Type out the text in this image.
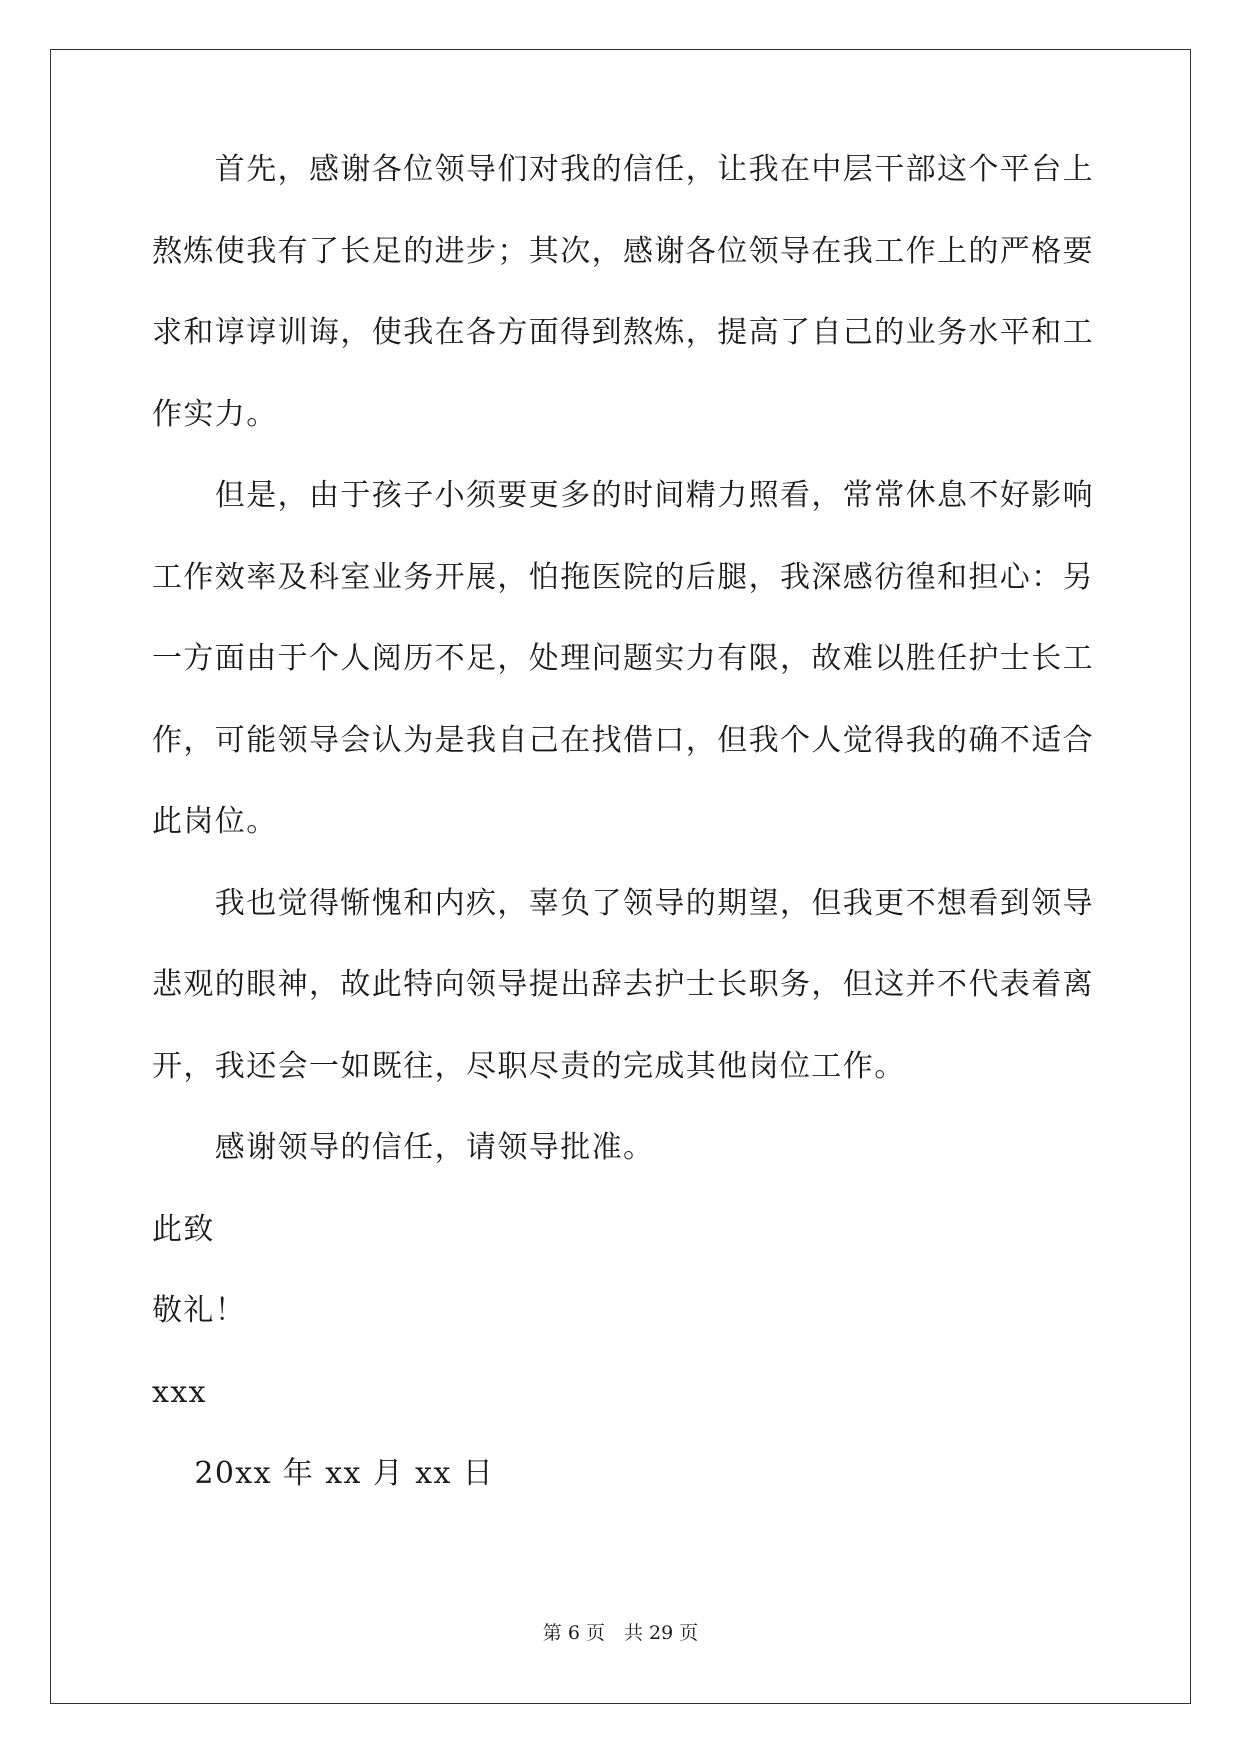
　　首先，感谢各位领导们对我的信任，让我在中层干部这个平台上
熬炼使我有了长足的进步；其次，感谢各位领导在我工作上的严格要
求和谆谆训诲，使我在各方面得到熬炼，提高了自己的业务水平和工
作实力。
　　但是，由于孩子小须要更多的时间精力照看，常常休息不好影响
工作效率及科室业务开展，怕拖医院的后腿，我深感彷徨和担心：另
一方面由于个人阅历不足，处理问题实力有限，故难以胜任护士长工
作，可能领导会认为是我自己在找借口，但我个人觉得我的确不适合
此岗位。
　　我也觉得惭愧和内疚，辜负了领导的期望，但我更不想看到领导
悲观的眼神，故此特向领导提出辞去护士长职务，但这并不代表着离
开，我还会一如既往，尽职尽责的完成其他岗位工作。
　　感谢领导的信任，请领导批准。
此致
敬礼！
xxx
　 20xx 年 xx 月 xx 日
第 6 页　共 29 页
